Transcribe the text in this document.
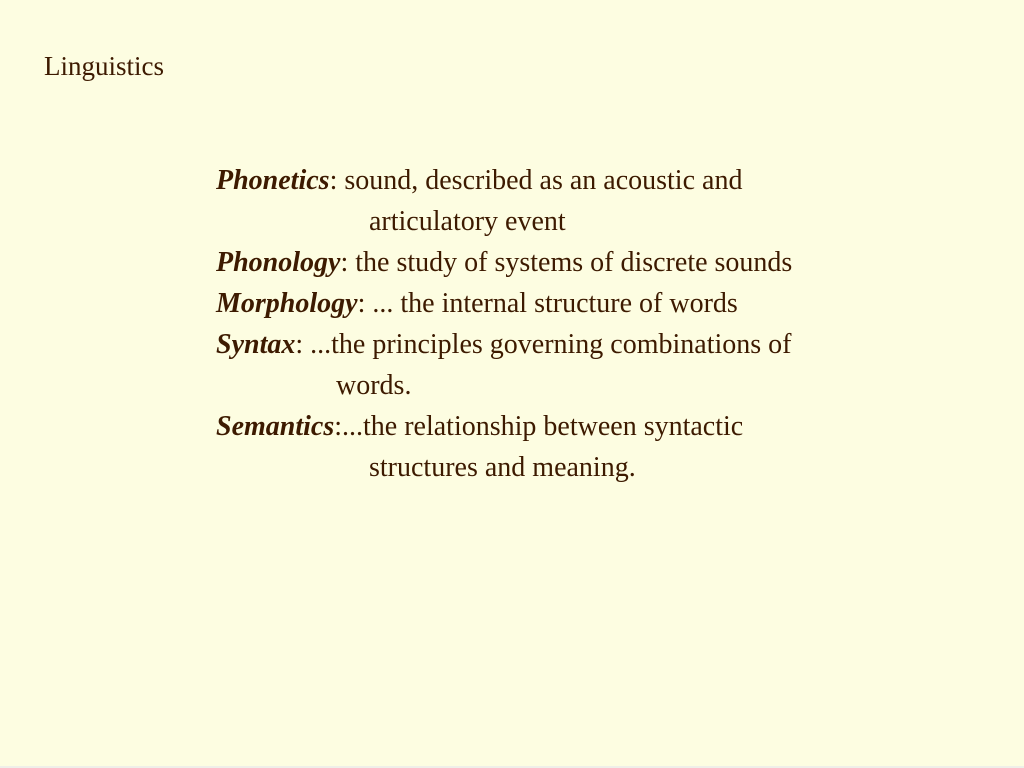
Linguistics
Phonetics: sound, described as an acoustic and
articulatory event
Phonology: the study of systems of discrete sounds
Morphology: ... the internal structure of words
Syntax: ...the principles governing combinations of
words.
Semantics:...the relationship between syntactic
structures and meaning.
